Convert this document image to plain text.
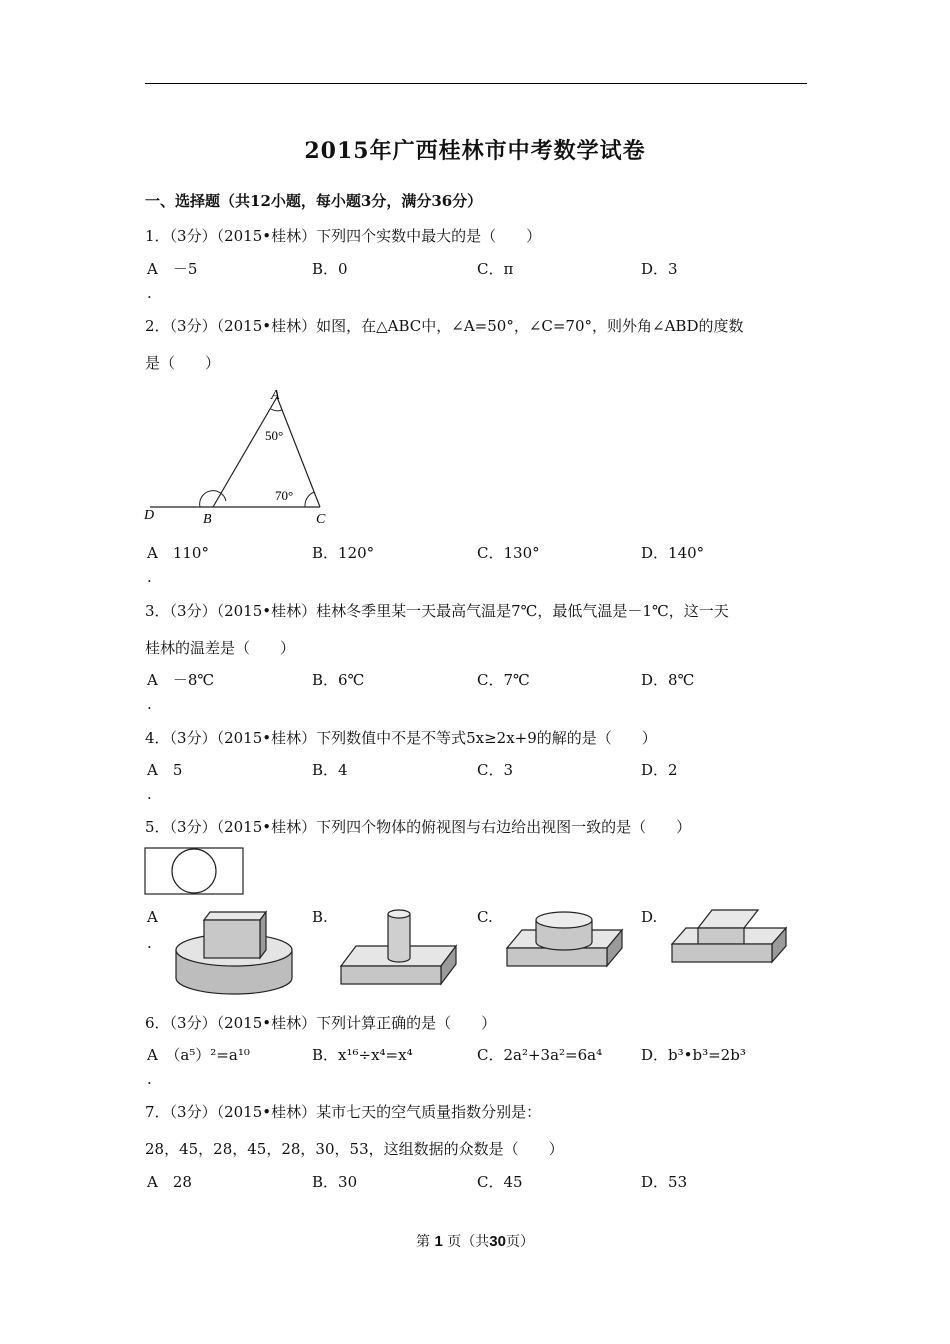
2015年广西桂林市中考数学试卷
一、选择题（共12小题，每小题3分，满分36分）
1．（3分）（2015•桂林）下列四个实数中最大的是（　　）
A　－5	B．0	C．π	D．3
.
2．（3分）（2015•桂林）如图，在△ABC中，∠A=50°，∠C=70°，则外角∠ABD的度数
是（　　）
A
B	C
D
50°
70°
A　110°	B．120°	C．130°	D．140°
.
3．（3分）（2015•桂林）桂林冬季里某一天最高气温是7℃，最低气温是－1℃，这一天
桂林的温差是（　　）
A　－8℃	B．6℃	C．7℃	D．8℃
.
4．（3分）（2015•桂林）下列数值中不是不等式5x≥2x+9的解的是（　　）
A　5	B．4	C．3	D．2
.
5．（3分）（2015•桂林）下列四个物体的俯视图与右边给出视图一致的是（　　）
A
.
B.	C.	D.
6．（3分）（2015•桂林）下列计算正确的是（　　）
A　（a⁵）²=a¹⁰	B．x¹⁶÷x⁴=x⁴	C．2a²+3a²=6a⁴	D．b³•b³=2b³
.
7．（3分）（2015•桂林）某市七天的空气质量指数分别是：
28，45，28，45，28，30，53，这组数据的众数是（　　）
A　28	B．30	C．45	D．53
第 1 页（共30页）
